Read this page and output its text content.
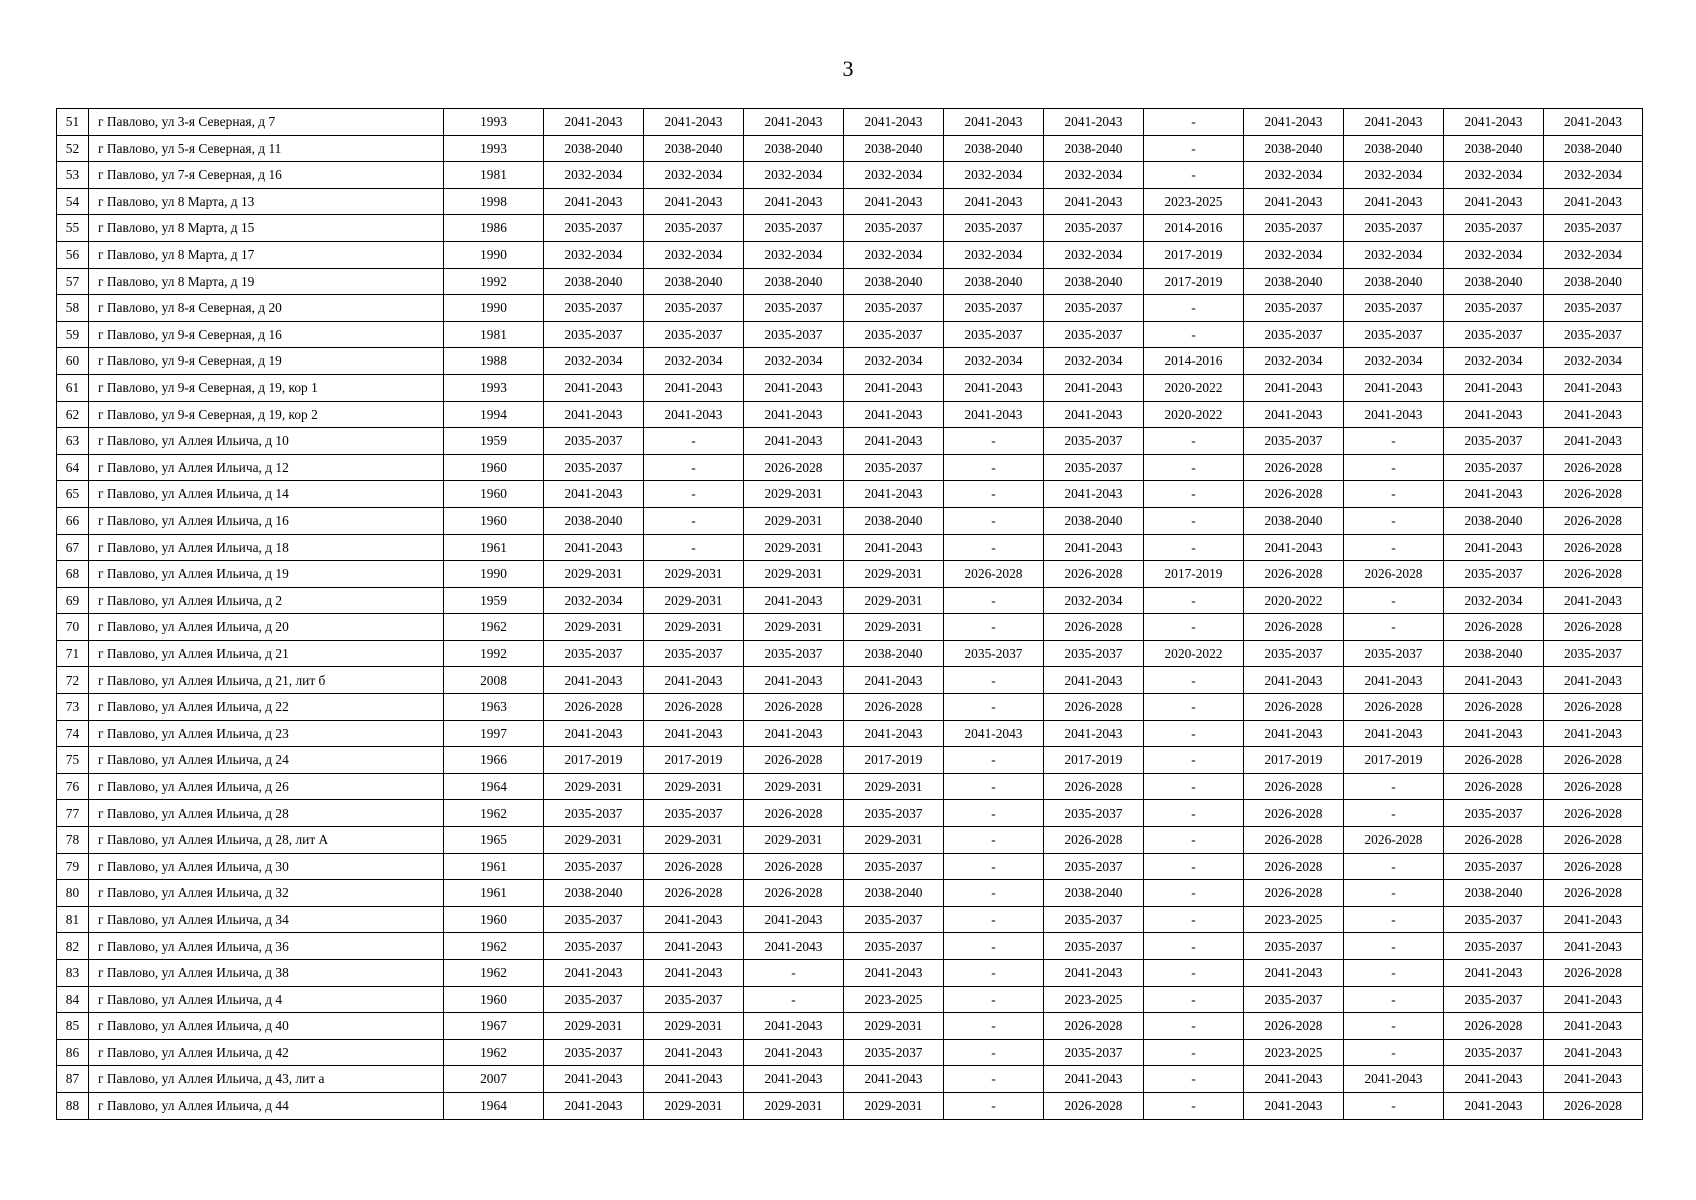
3
51	г Павлово, ул 3-я Северная, д 7	1993	2041-2043	2041-2043	2041-2043	2041-2043	2041-2043	2041-2043	-	2041-2043	2041-2043	2041-2043	2041-2043
52	г Павлово, ул 5-я Северная, д 11	1993	2038-2040	2038-2040	2038-2040	2038-2040	2038-2040	2038-2040	-	2038-2040	2038-2040	2038-2040	2038-2040
53	г Павлово, ул 7-я Северная, д 16	1981	2032-2034	2032-2034	2032-2034	2032-2034	2032-2034	2032-2034	-	2032-2034	2032-2034	2032-2034	2032-2034
54	г Павлово, ул 8 Марта, д 13	1998	2041-2043	2041-2043	2041-2043	2041-2043	2041-2043	2041-2043	2023-2025	2041-2043	2041-2043	2041-2043	2041-2043
55	г Павлово, ул 8 Марта, д 15	1986	2035-2037	2035-2037	2035-2037	2035-2037	2035-2037	2035-2037	2014-2016	2035-2037	2035-2037	2035-2037	2035-2037
56	г Павлово, ул 8 Марта, д 17	1990	2032-2034	2032-2034	2032-2034	2032-2034	2032-2034	2032-2034	2017-2019	2032-2034	2032-2034	2032-2034	2032-2034
57	г Павлово, ул 8 Марта, д 19	1992	2038-2040	2038-2040	2038-2040	2038-2040	2038-2040	2038-2040	2017-2019	2038-2040	2038-2040	2038-2040	2038-2040
58	г Павлово, ул 8-я Северная, д 20	1990	2035-2037	2035-2037	2035-2037	2035-2037	2035-2037	2035-2037	-	2035-2037	2035-2037	2035-2037	2035-2037
59	г Павлово, ул 9-я Северная, д 16	1981	2035-2037	2035-2037	2035-2037	2035-2037	2035-2037	2035-2037	-	2035-2037	2035-2037	2035-2037	2035-2037
60	г Павлово, ул 9-я Северная, д 19	1988	2032-2034	2032-2034	2032-2034	2032-2034	2032-2034	2032-2034	2014-2016	2032-2034	2032-2034	2032-2034	2032-2034
61	г Павлово, ул 9-я Северная, д 19, кор 1	1993	2041-2043	2041-2043	2041-2043	2041-2043	2041-2043	2041-2043	2020-2022	2041-2043	2041-2043	2041-2043	2041-2043
62	г Павлово, ул 9-я Северная, д 19, кор 2	1994	2041-2043	2041-2043	2041-2043	2041-2043	2041-2043	2041-2043	2020-2022	2041-2043	2041-2043	2041-2043	2041-2043
63	г Павлово, ул Аллея Ильича, д 10	1959	2035-2037	-	2041-2043	2041-2043	-	2035-2037	-	2035-2037	-	2035-2037	2041-2043
64	г Павлово, ул Аллея Ильича, д 12	1960	2035-2037	-	2026-2028	2035-2037	-	2035-2037	-	2026-2028	-	2035-2037	2026-2028
65	г Павлово, ул Аллея Ильича, д 14	1960	2041-2043	-	2029-2031	2041-2043	-	2041-2043	-	2026-2028	-	2041-2043	2026-2028
66	г Павлово, ул Аллея Ильича, д 16	1960	2038-2040	-	2029-2031	2038-2040	-	2038-2040	-	2038-2040	-	2038-2040	2026-2028
67	г Павлово, ул Аллея Ильича, д 18	1961	2041-2043	-	2029-2031	2041-2043	-	2041-2043	-	2041-2043	-	2041-2043	2026-2028
68	г Павлово, ул Аллея Ильича, д 19	1990	2029-2031	2029-2031	2029-2031	2029-2031	2026-2028	2026-2028	2017-2019	2026-2028	2026-2028	2035-2037	2026-2028
69	г Павлово, ул Аллея Ильича, д 2	1959	2032-2034	2029-2031	2041-2043	2029-2031	-	2032-2034	-	2020-2022	-	2032-2034	2041-2043
70	г Павлово, ул Аллея Ильича, д 20	1962	2029-2031	2029-2031	2029-2031	2029-2031	-	2026-2028	-	2026-2028	-	2026-2028	2026-2028
71	г Павлово, ул Аллея Ильича, д 21	1992	2035-2037	2035-2037	2035-2037	2038-2040	2035-2037	2035-2037	2020-2022	2035-2037	2035-2037	2038-2040	2035-2037
72	г Павлово, ул Аллея Ильича, д 21, лит б	2008	2041-2043	2041-2043	2041-2043	2041-2043	-	2041-2043	-	2041-2043	2041-2043	2041-2043	2041-2043
73	г Павлово, ул Аллея Ильича, д 22	1963	2026-2028	2026-2028	2026-2028	2026-2028	-	2026-2028	-	2026-2028	2026-2028	2026-2028	2026-2028
74	г Павлово, ул Аллея Ильича, д 23	1997	2041-2043	2041-2043	2041-2043	2041-2043	2041-2043	2041-2043	-	2041-2043	2041-2043	2041-2043	2041-2043
75	г Павлово, ул Аллея Ильича, д 24	1966	2017-2019	2017-2019	2026-2028	2017-2019	-	2017-2019	-	2017-2019	2017-2019	2026-2028	2026-2028
76	г Павлово, ул Аллея Ильича, д 26	1964	2029-2031	2029-2031	2029-2031	2029-2031	-	2026-2028	-	2026-2028	-	2026-2028	2026-2028
77	г Павлово, ул Аллея Ильича, д 28	1962	2035-2037	2035-2037	2026-2028	2035-2037	-	2035-2037	-	2026-2028	-	2035-2037	2026-2028
78	г Павлово, ул Аллея Ильича, д 28, лит А	1965	2029-2031	2029-2031	2029-2031	2029-2031	-	2026-2028	-	2026-2028	2026-2028	2026-2028	2026-2028
79	г Павлово, ул Аллея Ильича, д 30	1961	2035-2037	2026-2028	2026-2028	2035-2037	-	2035-2037	-	2026-2028	-	2035-2037	2026-2028
80	г Павлово, ул Аллея Ильича, д 32	1961	2038-2040	2026-2028	2026-2028	2038-2040	-	2038-2040	-	2026-2028	-	2038-2040	2026-2028
81	г Павлово, ул Аллея Ильича, д 34	1960	2035-2037	2041-2043	2041-2043	2035-2037	-	2035-2037	-	2023-2025	-	2035-2037	2041-2043
82	г Павлово, ул Аллея Ильича, д 36	1962	2035-2037	2041-2043	2041-2043	2035-2037	-	2035-2037	-	2035-2037	-	2035-2037	2041-2043
83	г Павлово, ул Аллея Ильича, д 38	1962	2041-2043	2041-2043	-	2041-2043	-	2041-2043	-	2041-2043	-	2041-2043	2026-2028
84	г Павлово, ул Аллея Ильича, д 4	1960	2035-2037	2035-2037	-	2023-2025	-	2023-2025	-	2035-2037	-	2035-2037	2041-2043
85	г Павлово, ул Аллея Ильича, д 40	1967	2029-2031	2029-2031	2041-2043	2029-2031	-	2026-2028	-	2026-2028	-	2026-2028	2041-2043
86	г Павлово, ул Аллея Ильича, д 42	1962	2035-2037	2041-2043	2041-2043	2035-2037	-	2035-2037	-	2023-2025	-	2035-2037	2041-2043
87	г Павлово, ул Аллея Ильича, д 43, лит а	2007	2041-2043	2041-2043	2041-2043	2041-2043	-	2041-2043	-	2041-2043	2041-2043	2041-2043	2041-2043
88	г Павлово, ул Аллея Ильича, д 44	1964	2041-2043	2029-2031	2029-2031	2029-2031	-	2026-2028	-	2041-2043	-	2041-2043	2026-2028
